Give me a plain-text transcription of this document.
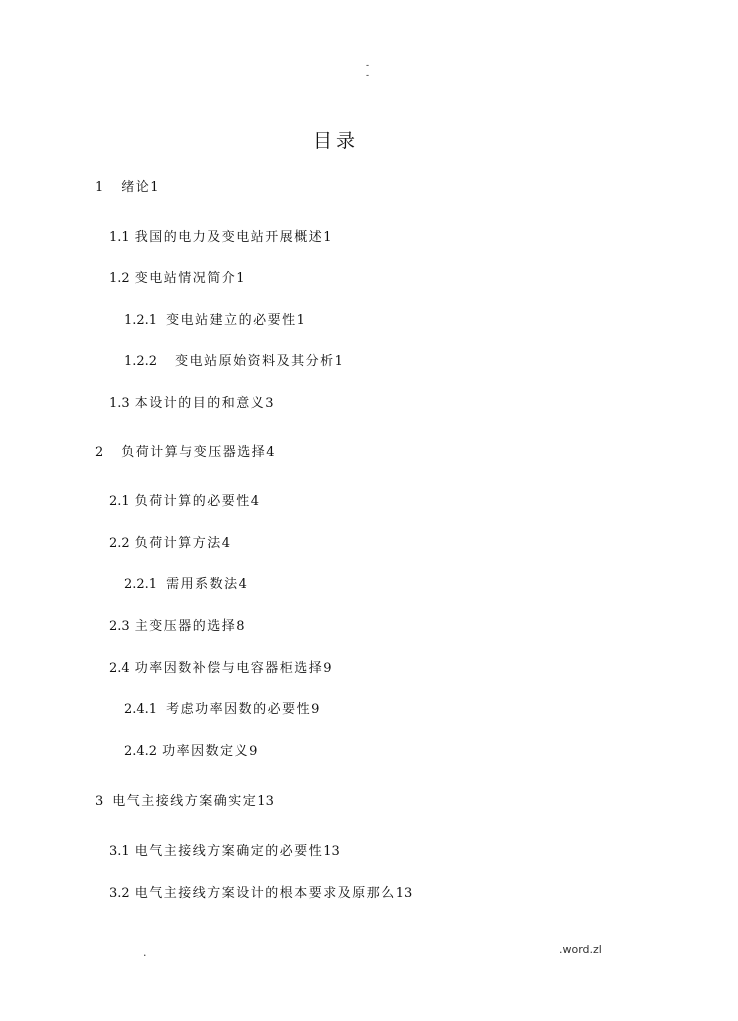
-
-
目录
1 绪论1
1.1 我国的电力及变电站开展概述1
1.2 变电站情况简介1
1.2.1 变电站建立的必要性1
1.2.2 变电站原始资料及其分析1
1.3 本设计的目的和意义3
2 负荷计算与变压器选择4
2.1 负荷计算的必要性4
2.2 负荷计算方法4
2.2.1 需用系数法4
2.3 主变压器的选择8
2.4 功率因数补偿与电容器柜选择9
2.4.1 考虑功率因数的必要性9
2.4.2 功率因数定义9
3 电气主接线方案确实定13
3.1 电气主接线方案确定的必要性13
3.2 电气主接线方案设计的根本要求及原那么13
.	.word.zl
